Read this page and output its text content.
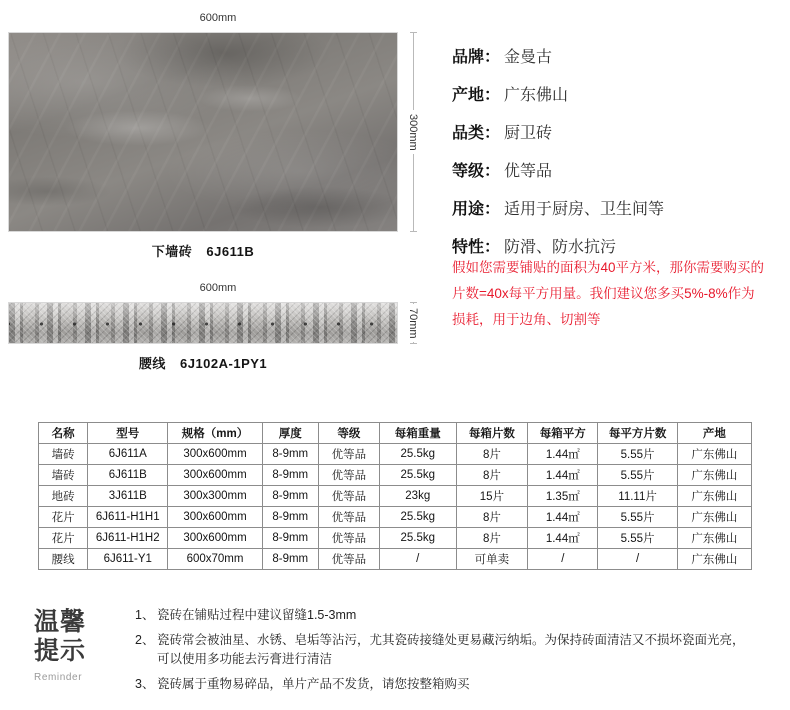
600mm
300mm
下墙砖 6J611B
600mm
70mm
腰线 6J102A-1PY1
品牌 ： 金曼古
产地 ： 广东佛山
品类 ： 厨卫砖
等级 ： 优等品
用途 ： 适用于厨房、卫生间等
特性 ： 防滑、防水抗污
假如您需要铺贴的面积为40平方米，那你需要购买的片数=40x每平方用量。我们建议您多买5%-8%作为损耗，用于边角、切割等
名称	型号	规格（mm）	厚度	等级	每箱重量	每箱片数	每箱平方	每平方片数	产地
墙砖	6J611A	300x600mm	8-9mm	优等品	25.5kg	8片	1.44㎡	5.55片	广东佛山
墙砖	6J611B	300x600mm	8-9mm	优等品	25.5kg	8片	1.44㎡	5.55片	广东佛山
地砖	3J611B	300x300mm	8-9mm	优等品	23kg	15片	1.35㎡	11.11片	广东佛山
花片	6J611-H1H1	300x600mm	8-9mm	优等品	25.5kg	8片	1.44㎡	5.55片	广东佛山
花片	6J611-H1H2	300x600mm	8-9mm	优等品	25.5kg	8片	1.44㎡	5.55片	广东佛山
腰线	6J611-Y1	600x70mm	8-9mm	优等品	/	可单卖	/	/	广东佛山
温馨
提示
Reminder
1、 瓷砖在铺贴过程中建议留缝1.5-3mm
2、 瓷砖常会被油星、水锈、皂垢等沾污，尤其瓷砖接缝处更易藏污纳垢。为保持砖面清洁又不损坏瓷面光亮，可以使用多功能去污膏进行清洁
3、 瓷砖属于重物易碎品，单片产品不发货，请您按整箱购买
